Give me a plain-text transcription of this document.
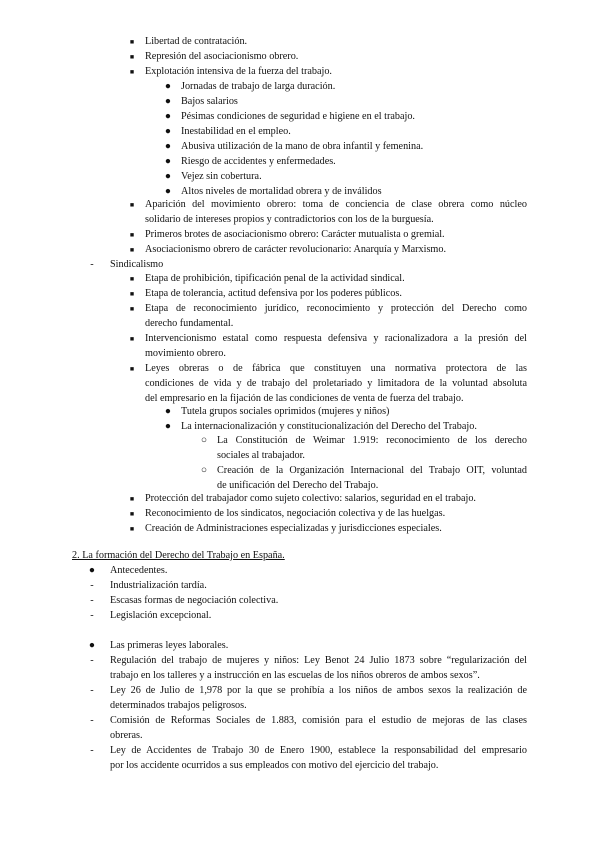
■ Libertad de contratación.
■ Represión del asociacionismo obrero.
■ Explotación intensiva de la fuerza del trabajo.
● Jornadas de trabajo de larga duración.
● Bajos salarios
● Pésimas condiciones de seguridad e higiene en el trabajo.
● Inestabilidad en el empleo.
● Abusiva utilización de la mano de obra infantil y femenina.
● Riesgo de accidentes y enfermedades.
● Vejez sin cobertura.
● Altos niveles de mortalidad obrera y de inválidos
■ Aparición del movimiento obrero: toma de conciencia de clase obrera como núcleo
solidario de intereses propios y contradictorios con los de la burguesía.
■ Primeros brotes de asociacionismo obrero: Carácter mutualista o gremial.
■ Asociacionismo obrero de carácter revolucionario: Anarquía y Marxismo.
-	Sindicalismo
■ Etapa de prohibición, tipificación penal de la actividad sindical.
■ Etapa de tolerancia, actitud defensiva por los poderes públicos.
■ Etapa de reconocimiento jurídico, reconocimiento y protección del Derecho como
derecho fundamental.
■ Intervencionismo estatal como respuesta defensiva y racionalizadora a la presión del
movimiento obrero.
■ Leyes obreras o de fábrica que constituyen una normativa protectora de las
condiciones de vida y de trabajo del proletariado y limitadora de la voluntad absoluta
del empresario en la fijación de las condiciones de venta de fuerza del trabajo.
● Tutela grupos sociales oprimidos (mujeres y niños)
● La internacionalización y constitucionalización del Derecho del Trabajo.
○ La Constitución de Weimar 1.919: reconocimiento de los derecho
sociales al trabajador.
○ Creación de la Organización Internacional del Trabajo OIT, voluntad
de unificación del Derecho del Trabajo.
■ Protección del trabajador como sujeto colectivo: salarios, seguridad en el trabajo.
■ Reconocimiento de los sindicatos, negociación colectiva y de las huelgas.
■ Creación de Administraciones especializadas y jurisdicciones especiales.
2. La formación del Derecho del Trabajo en España.
● Antecedentes.
-	Industrialización tardía.
-	Escasas formas de negociación colectiva.
-	Legislación excepcional.
● Las primeras leyes laborales.
-	Regulación del trabajo de mujeres y niños: Ley Benot 24 Julio 1873 sobre “regularización del
trabajo en los talleres y a instrucción en las escuelas de los niños obreros de ambos sexos”.
-	Ley 26 de Julio de 1,978 por la que se prohíbía a los niños de ambos sexos la realización de
determinados trabajos peligrosos.
-	Comisión de Reformas Sociales de 1.883, comisión para el estudio de mejoras de las clases
obreras.
-	Ley de Accidentes de Trabajo 30 de Enero 1900, establece la responsabilidad del empresario
por los accidente ocurridos a sus empleados con motivo del ejercicio del trabajo.
